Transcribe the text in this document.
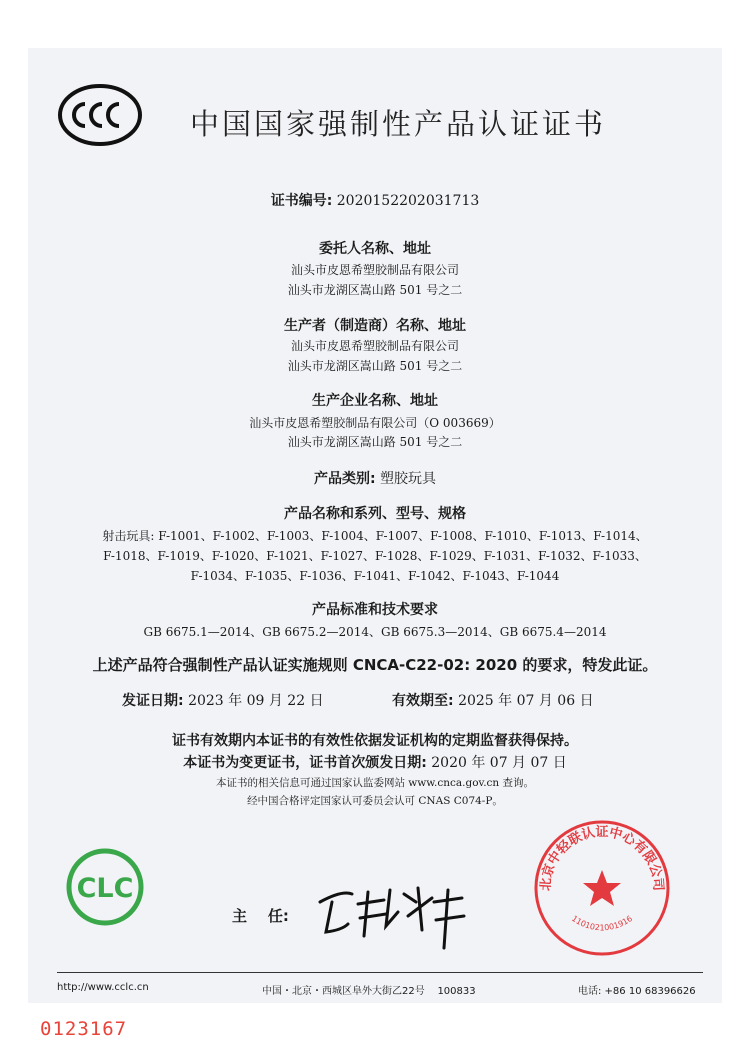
中国国家强制性产品认证证书
证书编号: 2020152202031713
委托人名称、地址
汕头市皮恩希塑胶制品有限公司
汕头市龙湖区嵩山路 501 号之二
生产者（制造商）名称、地址
汕头市皮恩希塑胶制品有限公司
汕头市龙湖区嵩山路 501 号之二
生产企业名称、地址
汕头市皮恩希塑胶制品有限公司（O 003669）
汕头市龙湖区嵩山路 501 号之二
产品类别: 塑胶玩具
产品名称和系列、型号、规格
射击玩具: F-1001、F-1002、F-1003、F-1004、F-1007、F-1008、F-1010、F-1013、F-1014、
F-1018、F-1019、F-1020、F-1021、F-1027、F-1028、F-1029、F-1031、F-1032、F-1033、
F-1034、F-1035、F-1036、F-1041、F-1042、F-1043、F-1044
产品标准和技术要求
GB 6675.1—2014、GB 6675.2—2014、GB 6675.3—2014、GB 6675.4—2014
上述产品符合强制性产品认证实施规则 CNCA-C22-02: 2020 的要求，特发此证。
发证日期: 2023 年 09 月 22 日	有效期至: 2025 年 07 月 06 日
证书有效期内本证书的有效性依据发证机构的定期监督获得保持。
本证书为变更证书，证书首次颁发日期: 2020 年 07 月 07 日
本证书的相关信息可通过国家认监委网站 www.cnca.gov.cn 查询。
经中国合格评定国家认可委员会认可 CNAS C074-P。
CLC
主    任:
北京中轻联认证中心有限公司
1101021001916
http://www.cclc.cn	中国・北京・西城区阜外大街乙22号    100833	电话: +86 10 68396626
0123167
